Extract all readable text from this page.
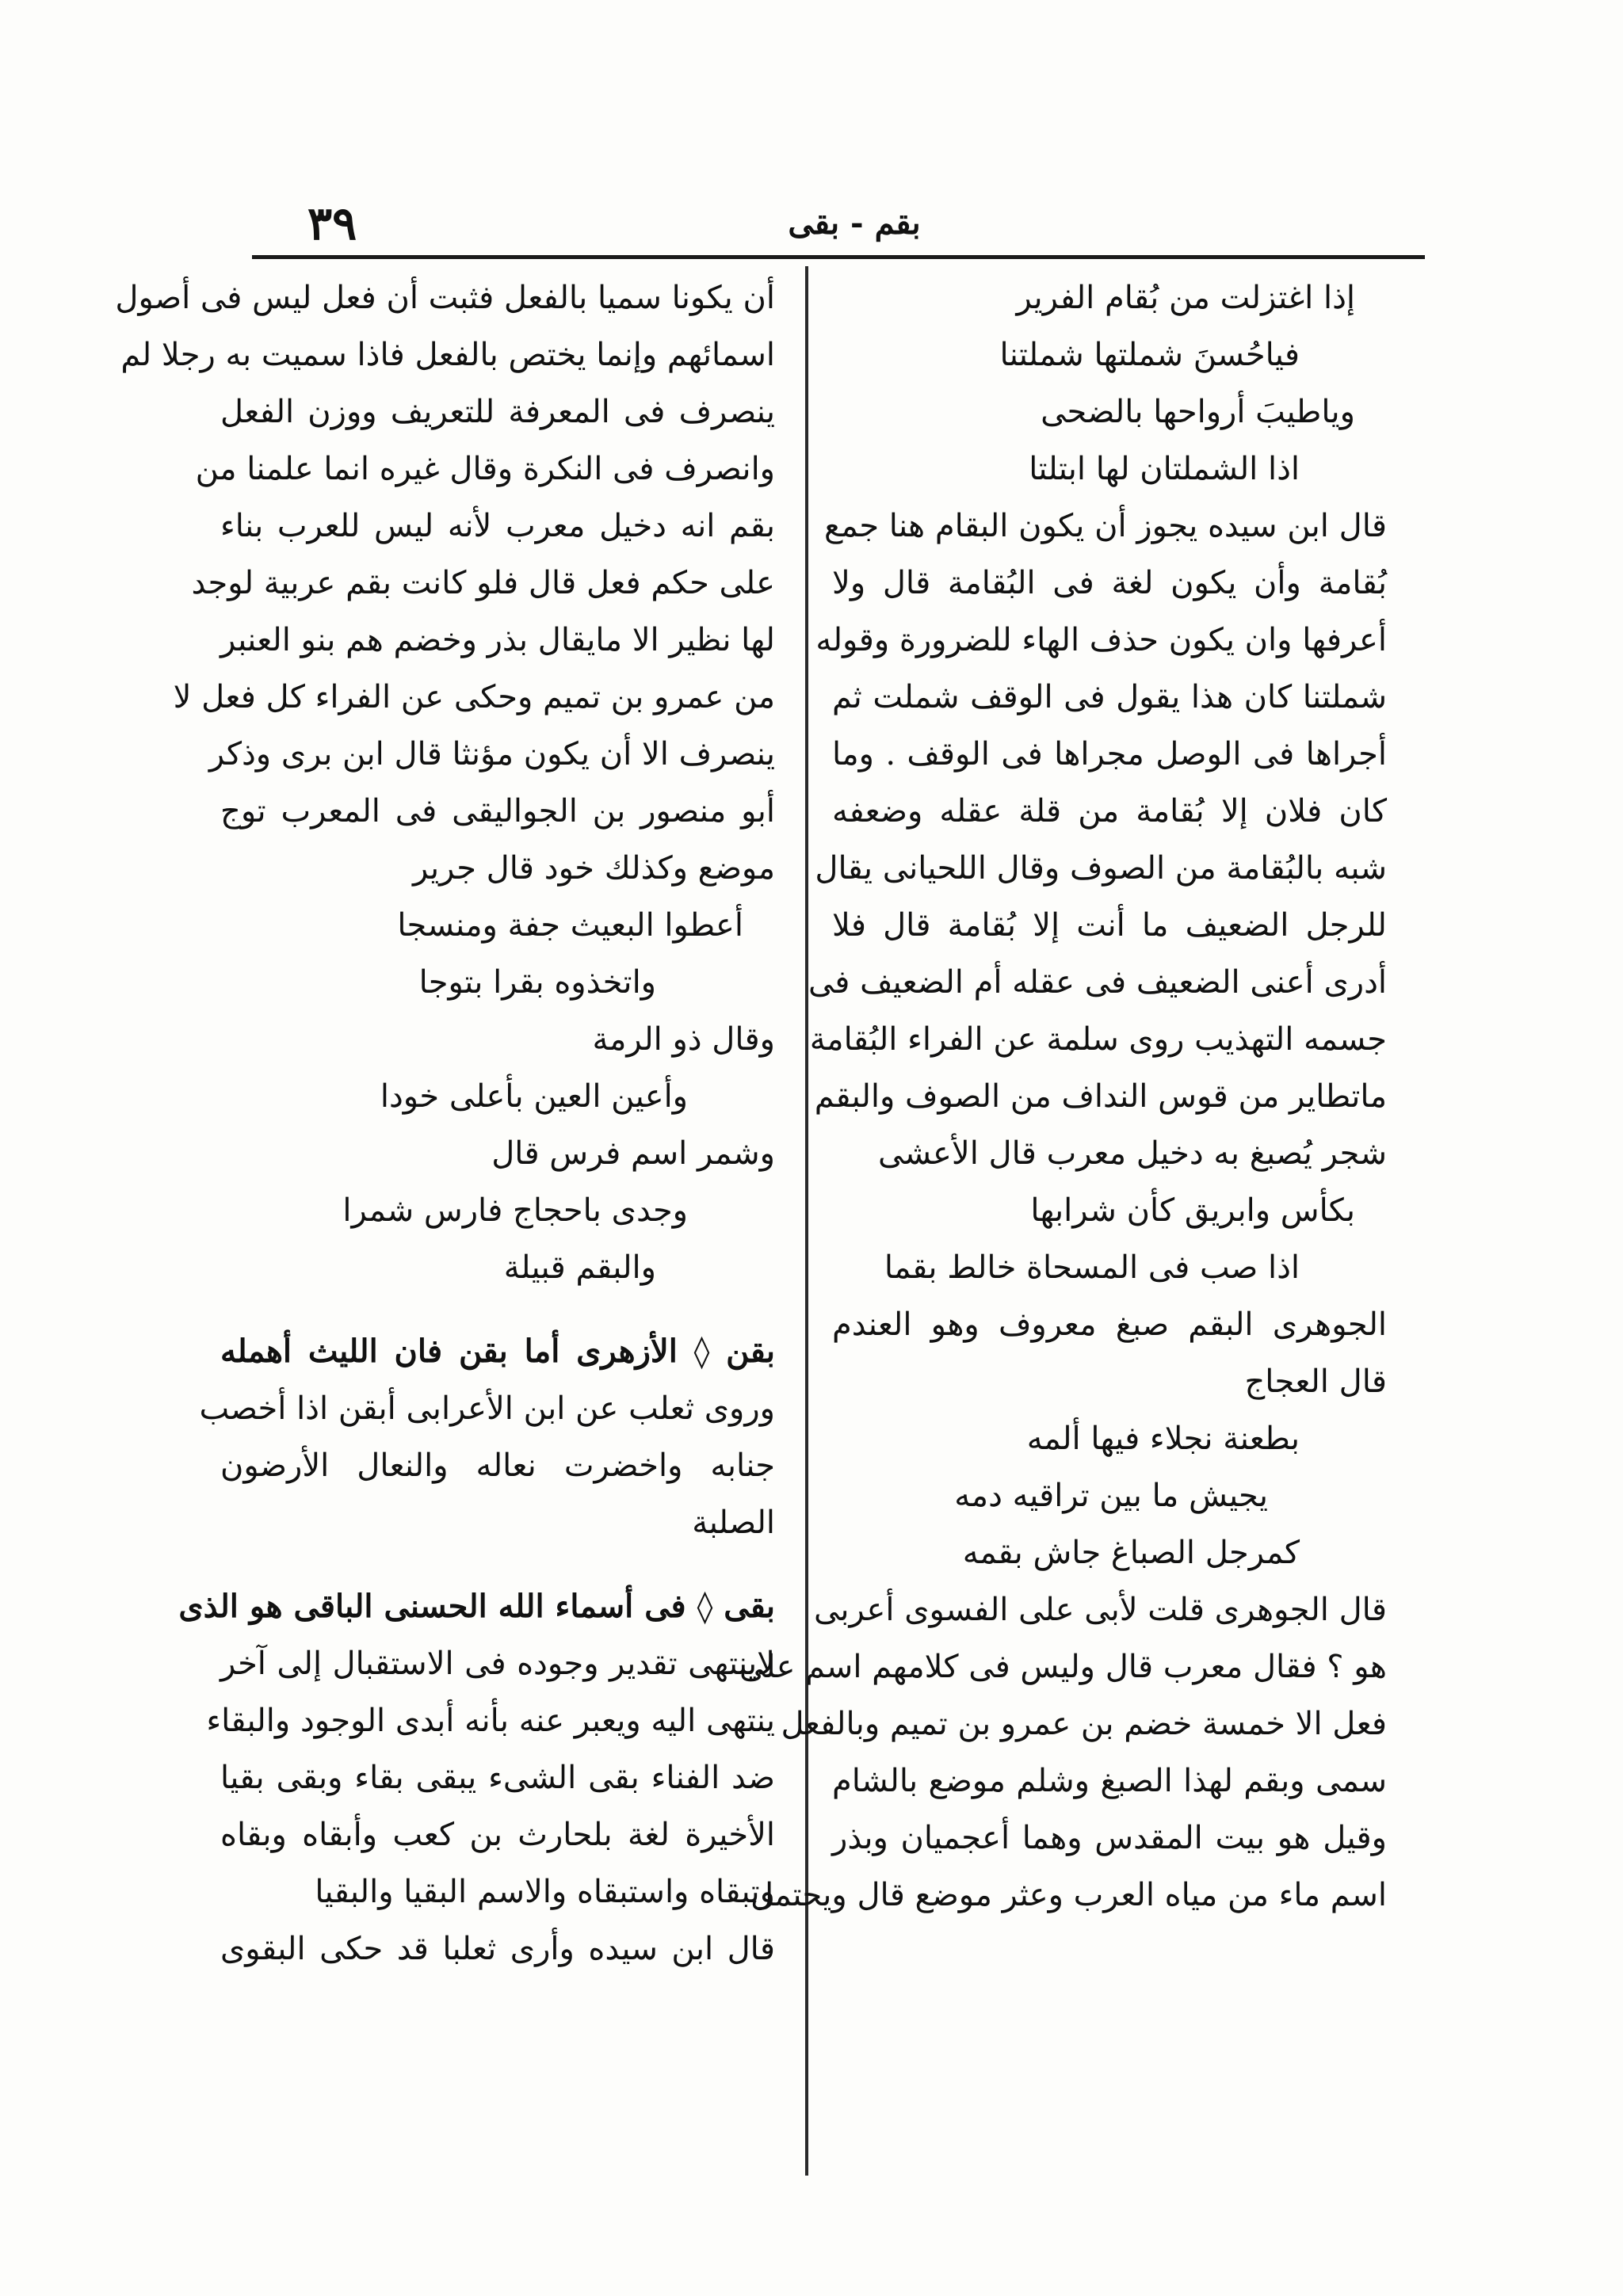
٣٩	بقم - بقى
إذا اغتزلت من بُقام الفرير
فياحُسنَ شملتها شملتنا
وياطيبَ أرواحها بالضحى
اذا الشملتان لها ابتلتا
قال ابن سيده يجوز أن يكون البقام هنا جمع
بُقامة وأن يكون لغة فى البُقامة قال ولا
أعرفها وان يكون حذف الهاء للضرورة وقوله
شملتنا كان هذا يقول فى الوقف شملت ثم
أجراها فى الوصل مجراها فى الوقف . وما
كان فلان إلا بُقامة من قلة عقله وضعفه
شبه بالبُقامة من الصوف وقال اللحيانى يقال
للرجل الضعيف ما أنت إلا بُقامة قال فلا
أدرى أعنى الضعيف فى عقله أم الضعيف فى
جسمه التهذيب روى سلمة عن الفراء البُقامة
ماتطاير من قوس النداف من الصوف والبقم
شجر يُصبغ به دخيل معرب قال الأعشى
بكأس وابريق كأن شرابها
اذا صب فى المسحاة خالط بقما
الجوهرى البقم صبغ معروف وهو العندم
قال العجاج
بطعنة نجلاء فيها ألمه
يجيش ما بين تراقيه دمه
كمرجل الصباغ جاش بقمه
قال الجوهرى قلت لأبى على الفسوى أعربى
هو ؟ فقال معرب قال وليس فى كلامهم اسم على
فعل الا خمسة خضم بن عمرو بن تميم وبالفعل
سمى وبقم لهذا الصبغ وشلم موضع بالشام
وقيل هو بيت المقدس وهما أعجميان وبذر
اسم ماء من مياه العرب وعثر موضع قال ويحتمل
أن يكونا سميا بالفعل فثبت أن فعل ليس فى أصول
اسمائهم وإنما يختص بالفعل فاذا سميت به رجلا لم
ينصرف فى المعرفة للتعريف ووزن الفعل
وانصرف فى النكرة وقال غيره انما علمنا من
بقم انه دخيل معرب لأنه ليس للعرب بناء
على حكم فعل قال فلو كانت بقم عربية لوجد
لها نظير الا مايقال بذر وخضم هم بنو العنبر
من عمرو بن تميم وحكى عن الفراء كل فعل لا
ينصرف الا أن يكون مؤنثا قال ابن برى وذكر
أبو منصور بن الجواليقى فى المعرب توج
موضع وكذلك خود قال جرير
أعطوا البعيث جفة ومنسجا
واتخذوه بقرا بتوجا
وقال ذو الرمة
وأعين العين بأعلى خودا
وشمر اسم فرس قال
وجدى باحجاج فارس شمرا
والبقم قبيلة
بقن ◊ الأزهرى أما بقن فان الليث أهمله
وروى ثعلب عن ابن الأعرابى أبقن اذا أخصب
جنابه واخضرت نعاله والنعال الأرضون
الصلبة
بقى ◊ فى أسماء الله الحسنى الباقى هو الذى
لاينتهى تقدير وجوده فى الاستقبال إلى آخر
ينتهى اليه ويعبر عنه بأنه أبدى الوجود والبقاء
ضد الفناء بقى الشىء يبقى بقاء وبقى بقيا
الأخيرة لغة بلحارث بن كعب وأبقاه وبقاه
وتبقاه واستبقاه والاسم البقيا والبقيا
قال ابن سيده وأرى ثعلبا قد حكى البقوى
